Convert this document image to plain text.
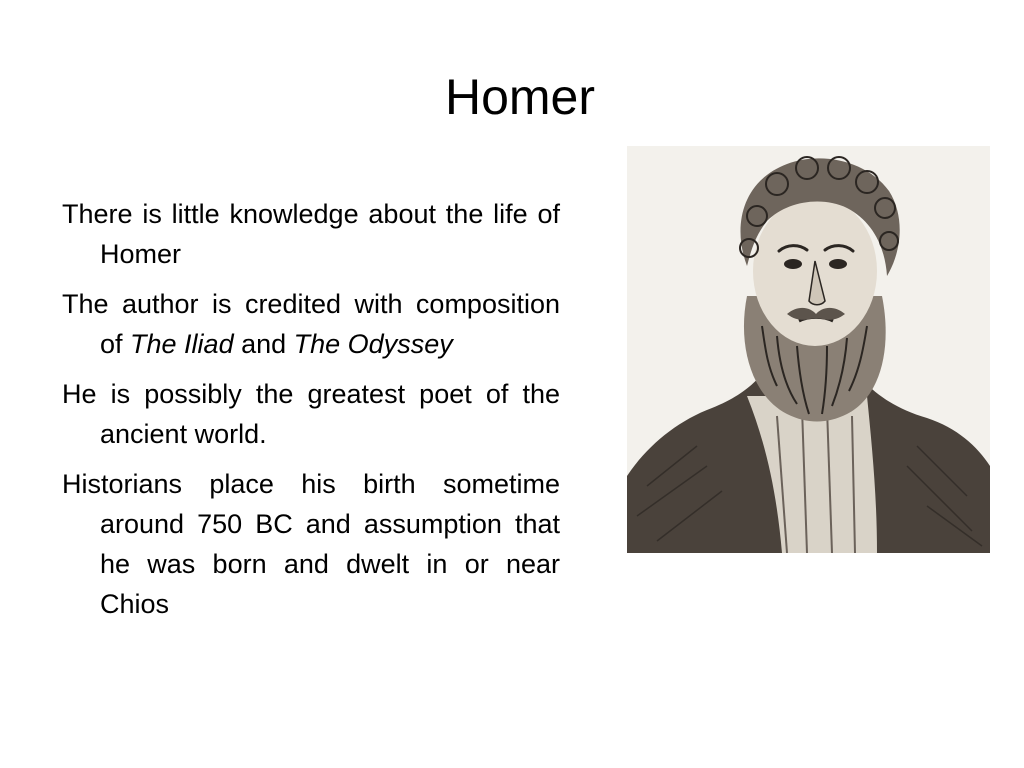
Homer
There is little knowledge about the life of Homer
The author is credited with composition of The Iliad and The Odyssey
He is possibly the greatest poet of the ancient world.
Historians place his birth sometime around 750 BC and assumption that he was born and dwelt in or near Chios
